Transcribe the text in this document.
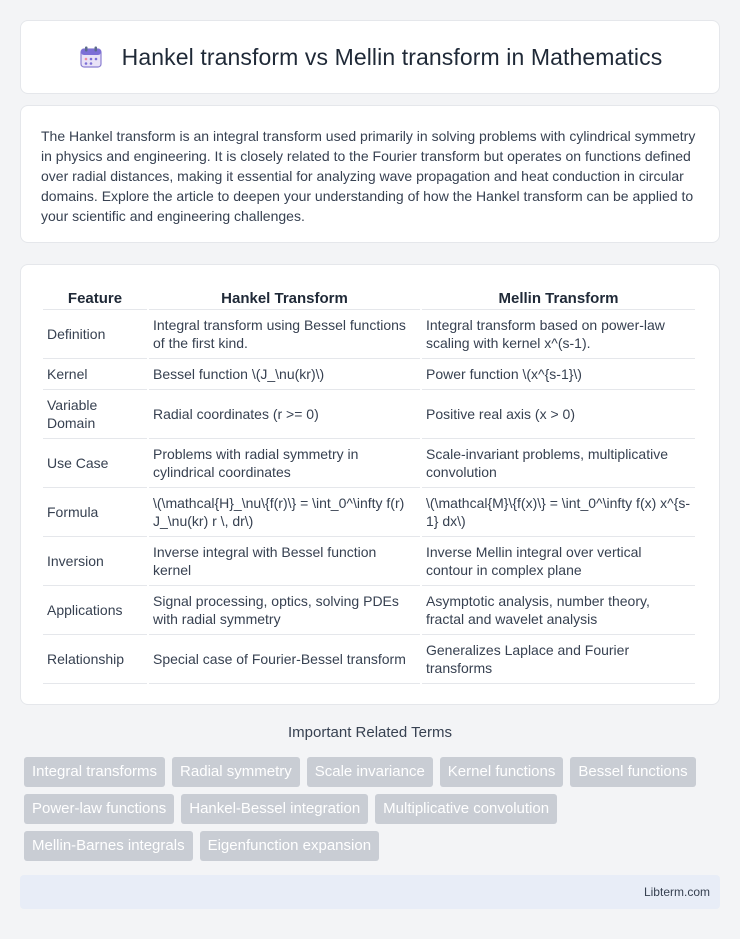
Hankel transform vs Mellin transform in Mathematics

The Hankel transform is an integral transform used primarily in solving problems with cylindrical symmetry in physics and engineering. It is closely related to the Fourier transform but operates on functions defined over radial distances, making it essential for analyzing wave propagation and heat conduction in circular domains. Explore the article to deepen your understanding of how the Hankel transform can be applied to your scientific and engineering challenges.

Feature	Hankel Transform	Mellin Transform
Definition	Integral transform using Bessel functions of the first kind.	Integral transform based on power-law scaling with kernel x^(s-1).
Kernel	Bessel function \(J_\nu(kr)\)	Power function \(x^{s-1}\)
Variable Domain	Radial coordinates (r >= 0)	Positive real axis (x > 0)
Use Case	Problems with radial symmetry in cylindrical coordinates	Scale-invariant problems, multiplicative convolution
Formula	\(\mathcal{H}_\nu\{f(r)\} = \int_0^\infty f(r) J_\nu(kr) r \, dr\)	\(\mathcal{M}\{f(x)\} = \int_0^\infty f(x) x^{s-1} dx\)
Inversion	Inverse integral with Bessel function kernel	Inverse Mellin integral over vertical contour in complex plane
Applications	Signal processing, optics, solving PDEs with radial symmetry	Asymptotic analysis, number theory, fractal and wavelet analysis
Relationship	Special case of Fourier-Bessel transform	Generalizes Laplace and Fourier transforms
Important Related Terms
Integral transforms	Radial symmetry	Scale invariance	Kernel functions	Bessel functions
Power-law functions	Hankel-Bessel integration	Multiplicative convolution
Mellin-Barnes integrals	Eigenfunction expansion
Libterm.com
